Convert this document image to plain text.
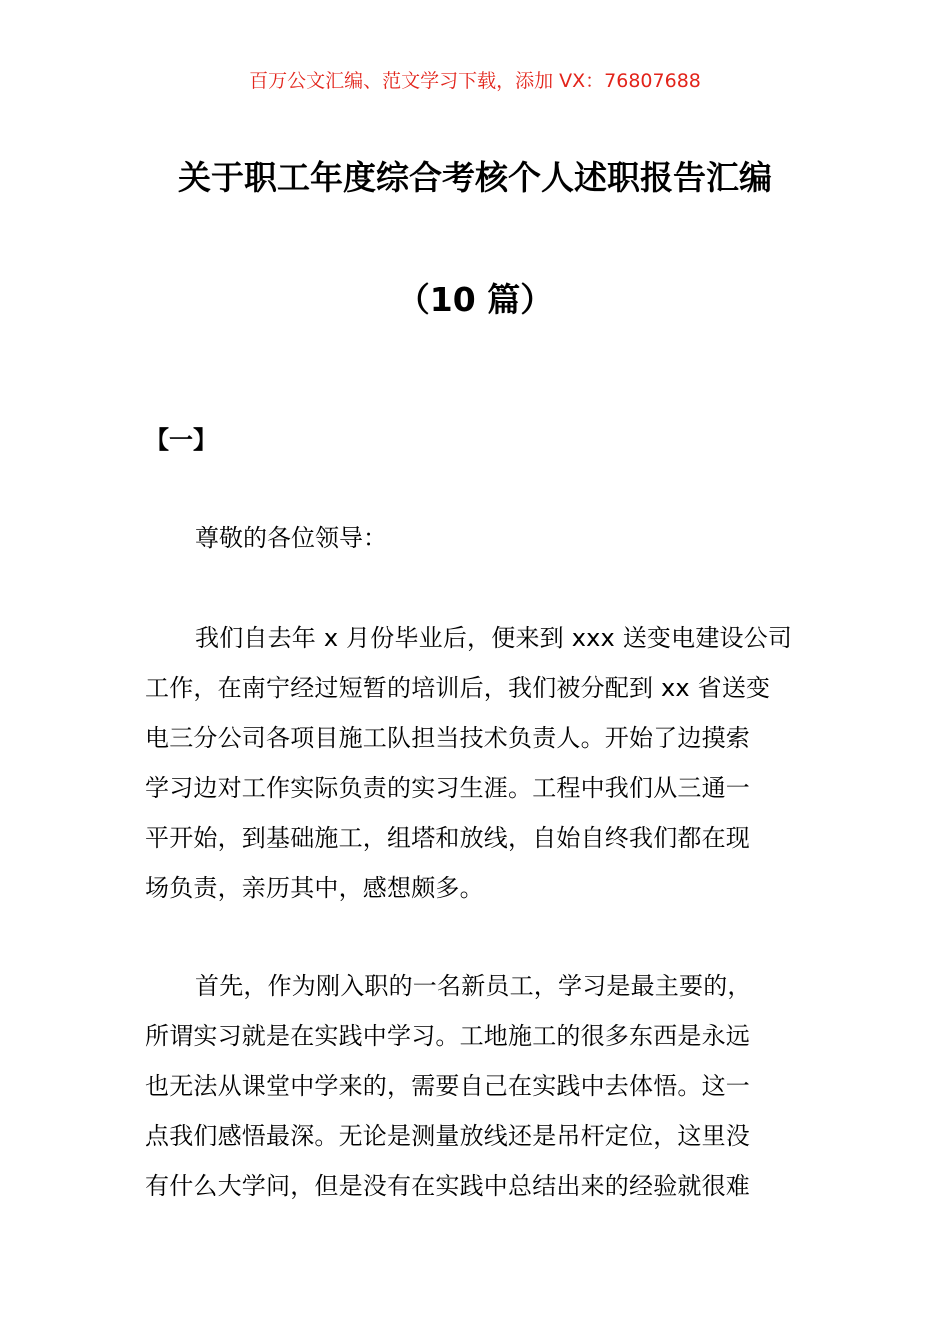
百万公文汇编、范文学习下载，添加 VX：76807688
关于职工年度综合考核个人述职报告汇编
（10 篇）
【一】
尊敬的各位领导：
我们自去年 x 月份毕业后，便来到 xxx 送变电建设公司
工作，在南宁经过短暂的培训后，我们被分配到 xx 省送变
电三分公司各项目施工队担当技术负责人。开始了边摸索
学习边对工作实际负责的实习生涯。工程中我们从三通一
平开始，到基础施工，组塔和放线，自始自终我们都在现
场负责，亲历其中，感想颇多。
首先，作为刚入职的一名新员工，学习是最主要的，
所谓实习就是在实践中学习。工地施工的很多东西是永远
也无法从课堂中学来的，需要自己在实践中去体悟。这一
点我们感悟最深。无论是测量放线还是吊杆定位，这里没
有什么大学问，但是没有在实践中总结出来的经验就很难
